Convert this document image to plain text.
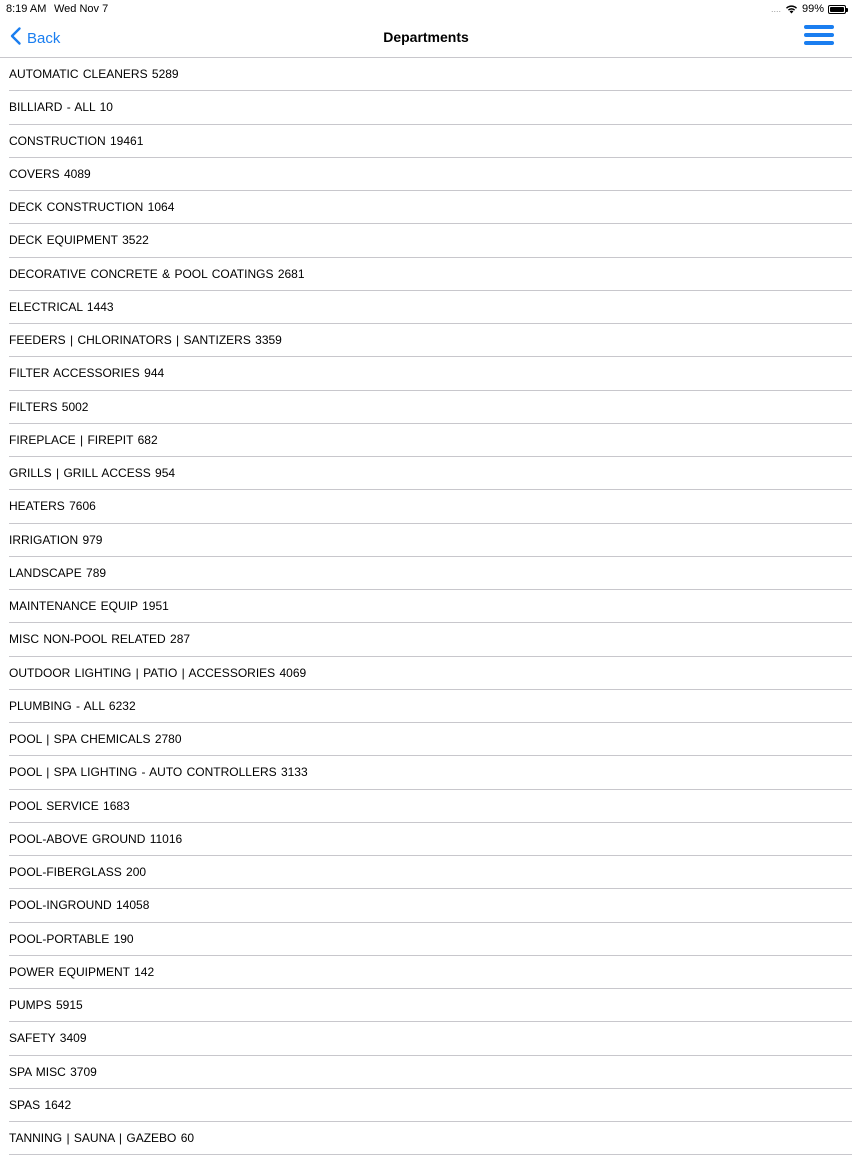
8:19 AM Wed Nov 7	.... 99%
Back	Departments
AUTOMATIC CLEANERS 5289
BILLIARD - ALL 10
CONSTRUCTION 19461
COVERS 4089
DECK CONSTRUCTION 1064
DECK EQUIPMENT 3522
DECORATIVE CONCRETE & POOL COATINGS 2681
ELECTRICAL 1443
FEEDERS | CHLORINATORS | SANTIZERS 3359
FILTER ACCESSORIES 944
FILTERS 5002
FIREPLACE | FIREPIT 682
GRILLS | GRILL ACCESS 954
HEATERS 7606
IRRIGATION 979
LANDSCAPE 789
MAINTENANCE EQUIP 1951
MISC NON-POOL RELATED 287
OUTDOOR LIGHTING | PATIO | ACCESSORIES 4069
PLUMBING - ALL 6232
POOL | SPA CHEMICALS 2780
POOL | SPA LIGHTING - AUTO CONTROLLERS 3133
POOL SERVICE 1683
POOL-ABOVE GROUND 11016
POOL-FIBERGLASS 200
POOL-INGROUND 14058
POOL-PORTABLE 190
POWER EQUIPMENT 142
PUMPS 5915
SAFETY 3409
SPA MISC 3709
SPAS 1642
TANNING | SAUNA | GAZEBO 60
